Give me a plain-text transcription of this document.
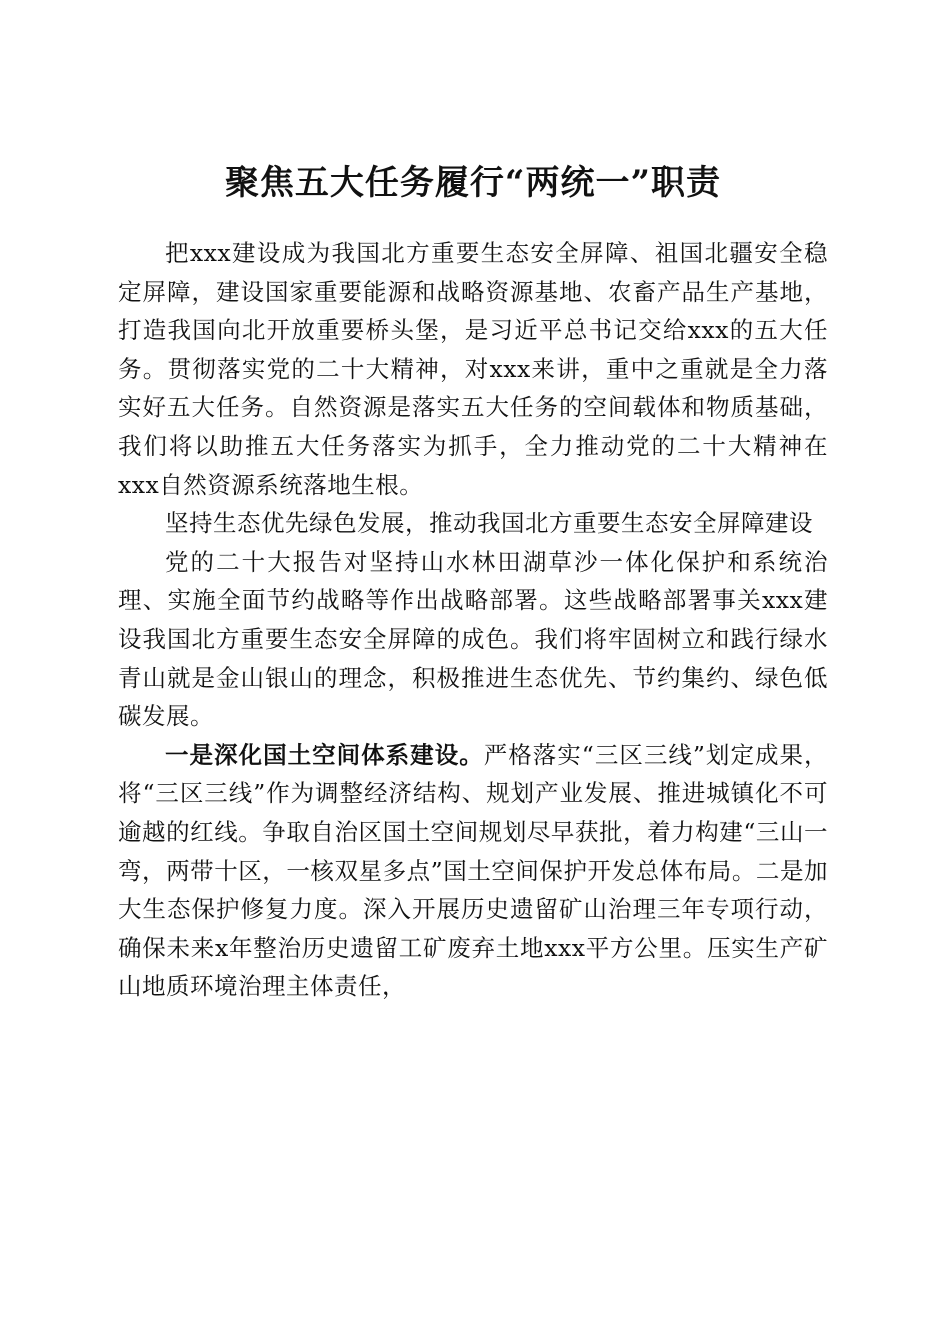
聚焦五大任务履行“两统一”职责

把xxx建设成为我国北方重要生态安全屏障、祖国北疆安全稳定屏障，建设国家重要能源和战略资源基地、农畜产品生产基地，打造我国向北开放重要桥头堡，是习近平总书记交给xxx的五大任务。贯彻落实党的二十大精神，对xxx来讲，重中之重就是全力落实好五大任务。自然资源是落实五大任务的空间载体和物质基础，我们将以助推五大任务落实为抓手，全力推动党的二十大精神在xxx自然资源系统落地生根。

坚持生态优先绿色发展，推动我国北方重要生态安全屏障建设

党的二十大报告对坚持山水林田湖草沙一体化保护和系统治理、实施全面节约战略等作出战略部署。这些战略部署事关xxx建设我国北方重要生态安全屏障的成色。我们将牢固树立和践行绿水青山就是金山银山的理念，积极推进生态优先、节约集约、绿色低碳发展。

一是深化国土空间体系建设。严格落实“三区三线”划定成果，将“三区三线”作为调整经济结构、规划产业发展、推进城镇化不可逾越的红线。争取自治区国土空间规划尽早获批，着力构建“三山一弯，两带十区，一核双星多点”国土空间保护开发总体布局。二是加大生态保护修复力度。深入开展历史遗留矿山治理三年专项行动，确保未来x年整治历史遗留工矿废弃土地xxx平方公里。压实生产矿山地质环境治理主体责任，
